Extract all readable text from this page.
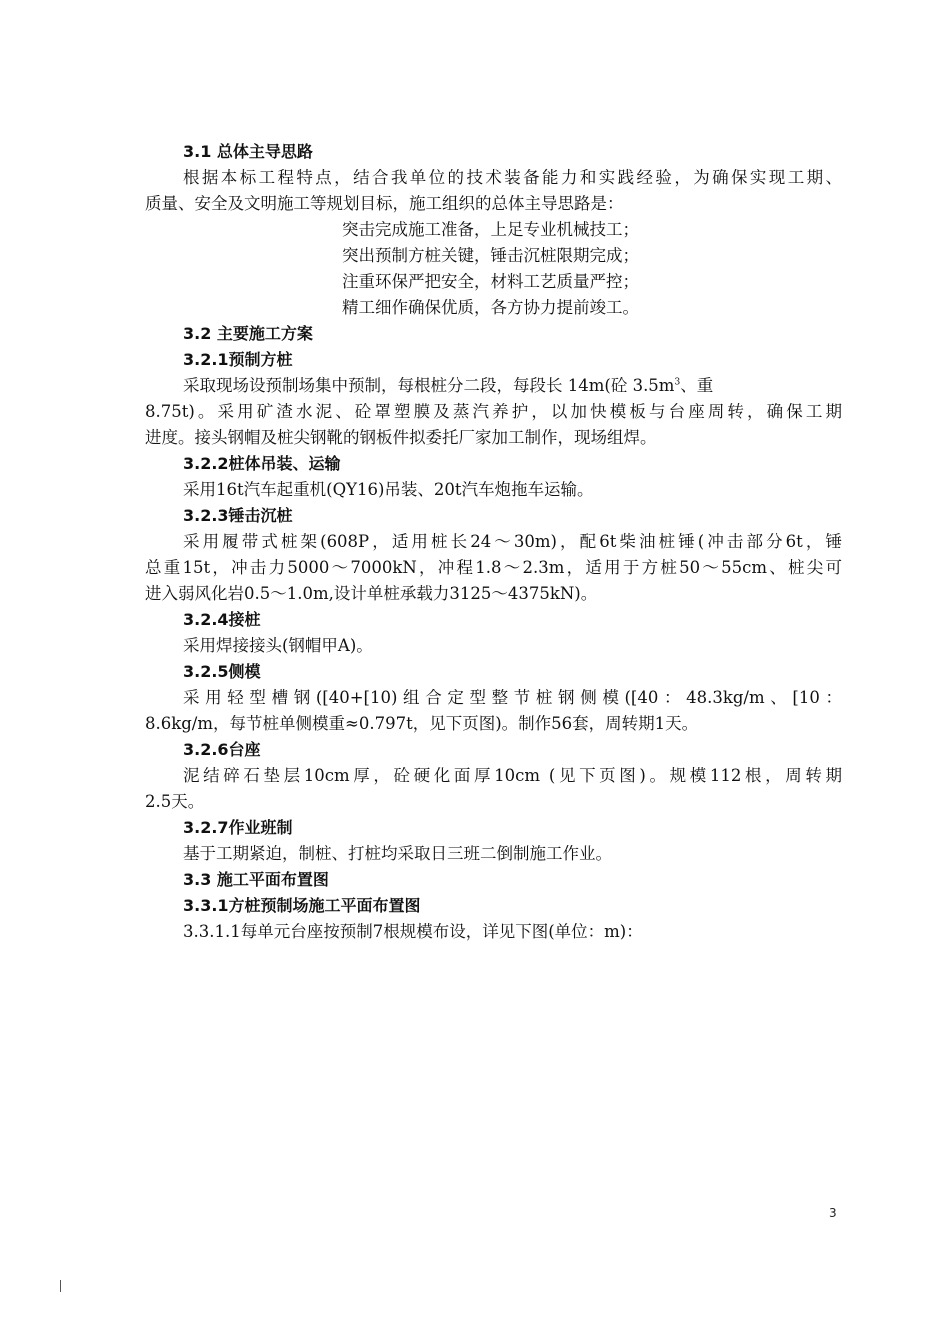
3.1 总体主导思路
根据本标工程特点，结合我单位的技术装备能力和实践经验，为确保实现工期、
质量、安全及文明施工等规划目标，施工组织的总体主导思路是：
突击完成施工准备，上足专业机械技工；
突出预制方桩关键，锤击沉桩限期完成；
注重环保严把安全，材料工艺质量严控；
精工细作确保优质，各方协力提前竣工。
3.2 主要施工方案
3.2.1预制方桩
采取现场设预制场集中预制，每根桩分二段，每段长 14m(砼 $3.5m^3$、重
8.75t)。采用矿渣水泥、砼罩塑膜及蒸汽养护，以加快模板与台座周转，确保工期
进度。接头钢帽及桩尖钢靴的钢板件拟委托厂家加工制作，现场组焊。
3.2.2桩体吊装、运输
采用16t汽车起重机(QY16)吊装、20t汽车炮拖车运输。
3.2.3锤击沉桩
采用履带式桩架(608P，适用桩长24～30m)，配6t柴油桩锤(冲击部分6t，锤
总重15t，冲击力5000～7000kN，冲程1.8～2.3m，适用于方桩50～55cm、桩尖可
进入弱风化岩0.5～1.0m,设计单桩承载力3125～4375kN)。
3.2.4接桩
采用焊接接头(钢帽甲A)。
3.2.5侧模
采用轻型槽钢([40+[10)组合定型整节桩钢侧模([40：48.3kg/m、[10：
8.6kg/m，每节桩单侧模重≈0.797t，见下页图)。制作56套，周转期1天。
3.2.6台座
泥结碎石垫层10cm厚，砼硬化面厚10cm (见下页图)。规模112根，周转期
2.5天。
3.2.7作业班制
基于工期紧迫，制桩、打桩均采取日三班二倒制施工作业。
3.3 施工平面布置图
3.3.1方桩预制场施工平面布置图
3.3.1.1每单元台座按预制7根规模布设，详见下图(单位：m)：
3
